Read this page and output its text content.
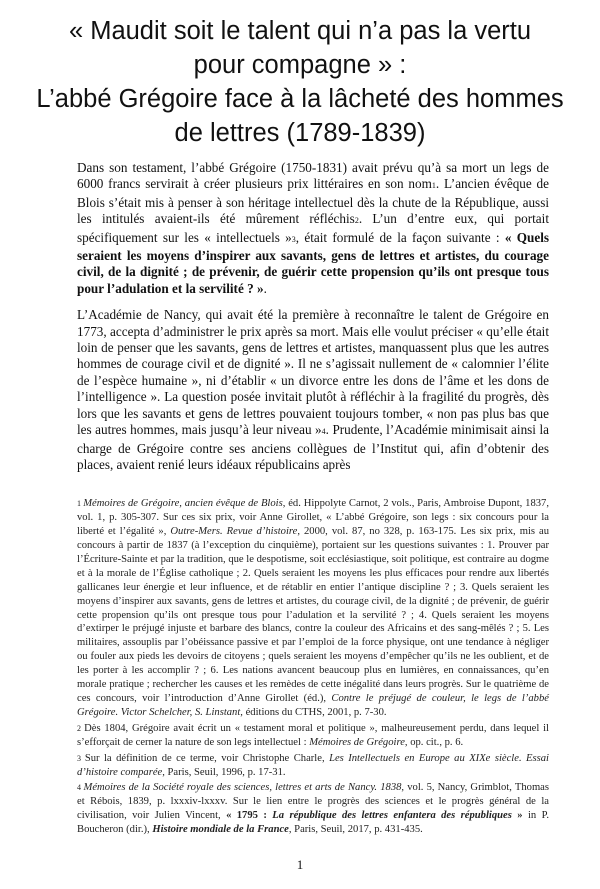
« Maudit soit le talent qui n’a pas la vertu
pour compagne » :
L’abbé Grégoire face à la lâcheté des hommes
de lettres (1789-1839)

Dans son testament, l’abbé Grégoire (1750-1831) avait prévu qu’à sa mort un legs de 6000 francs servirait à créer plusieurs prix littéraires en son nom1. L’ancien évêque de Blois s’était mis à penser à son héritage intellectuel dès la chute de la République, aussi les intitulés avaient-ils été mûrement réfléchis2. L’un d’entre eux, qui portait spécifiquement sur les « intellectuels »3, était formulé de la façon suivante : « Quels seraient les moyens d’inspirer aux savants, gens de lettres et artistes, du courage civil, de la dignité ; de prévenir, de guérir cette propension qu’ils ont presque tous pour l’adulation et la servilité ? ».

L’Académie de Nancy, qui avait été la première à reconnaître le talent de Grégoire en 1773, accepta d’administrer le prix après sa mort. Mais elle voulut préciser « qu’elle était loin de penser que les savants, gens de lettres et artistes, manquassent plus que les autres hommes de courage civil et de dignité ». Il ne s’agissait nullement de « calomnier l’élite de l’espèce humaine », ni d’établir « un divorce entre les dons de l’âme et les dons de l’intelligence ». La question posée invitait plutôt à réfléchir à la fragilité du progrès, dès lors que les savants et gens de lettres pouvaient toujours tomber, « non pas plus bas que les autres hommes, mais jusqu’à leur niveau »4. Prudente, l’Académie minimisait ainsi la charge de Grégoire contre ses anciens collègues de l’Institut qui, afin d’obtenir des places, avaient renié leurs idéaux républicains après

1 Mémoires de Grégoire, ancien évêque de Blois, éd. Hippolyte Carnot, 2 vols., Paris, Ambroise Dupont, 1837, vol. 1, p. 305-307. Sur ces six prix, voir Anne Girollet, « L’abbé Grégoire, son legs : six concours pour la liberté et l’égalité », Outre-Mers. Revue d’histoire, 2000, vol. 87, no 328, p. 163-175. Les six prix, mis au concours à partir de 1837 (à l’exception du cinquième), portaient sur les questions suivantes : 1. Prouver par l’Écriture-Sainte et par la tradition, que le despotisme, soit ecclésiastique, soit politique, est contraire au dogme et à la morale de l’Église catholique ; 2. Quels seraient les moyens les plus efficaces pour rendre aux libertés gallicanes leur énergie et leur influence, et de rétablir en entier l’antique discipline ? ; 3. Quels seraient les moyens d’inspirer aux savants, gens de lettres et artistes, du courage civil, de la dignité ; de prévenir, de guérir cette propension qu’ils ont presque tous pour l’adulation et la servilité ? ; 4. Quels seraient les moyens d’extirper le préjugé injuste et barbare des blancs, contre la couleur des Africains et des sang-mêlés ? ; 5. Les militaires, assouplis par l’obéissance passive et par l’emploi de la force physique, ont une tendance à négliger ou fouler aux pieds les devoirs de citoyens ; quels seraient les moyens d’empêcher qu’ils ne les oublient, et de les porter à les accomplir ? ; 6. Les nations avancent beaucoup plus en lumières, en connaissances, qu’en morale pratique ; rechercher les causes et les remèdes de cette inégalité dans leurs progrès. Sur le quatrième de ces concours, voir l’introduction d’Anne Girollet (éd.), Contre le préjugé de couleur, le legs de l’abbé Grégoire. Victor Schelcher, S. Linstant, éditions du CTHS, 2001, p. 7-30.

2 Dès 1804, Grégoire avait écrit un « testament moral et politique », malheureusement perdu, dans lequel il s’efforçait de cerner la nature de son legs intellectuel : Mémoires de Grégoire, op. cit., p. 6.

3 Sur la définition de ce terme, voir Christophe Charle, Les Intellectuels en Europe au XIXe siècle. Essai d’histoire comparée, Paris, Seuil, 1996, p. 17-31.

4 Mémoires de la Société royale des sciences, lettres et arts de Nancy. 1838, vol. 5, Nancy, Grimblot, Thomas et Rébois, 1839, p. lxxxiv-lxxxv. Sur le lien entre le progrès des sciences et le progrès général de la civilisation, voir Julien Vincent, « 1795 : La république des lettres enfantera des républiques » in P. Boucheron (dir.), Histoire mondiale de la France, Paris, Seuil, 2017, p. 431-435.

1
